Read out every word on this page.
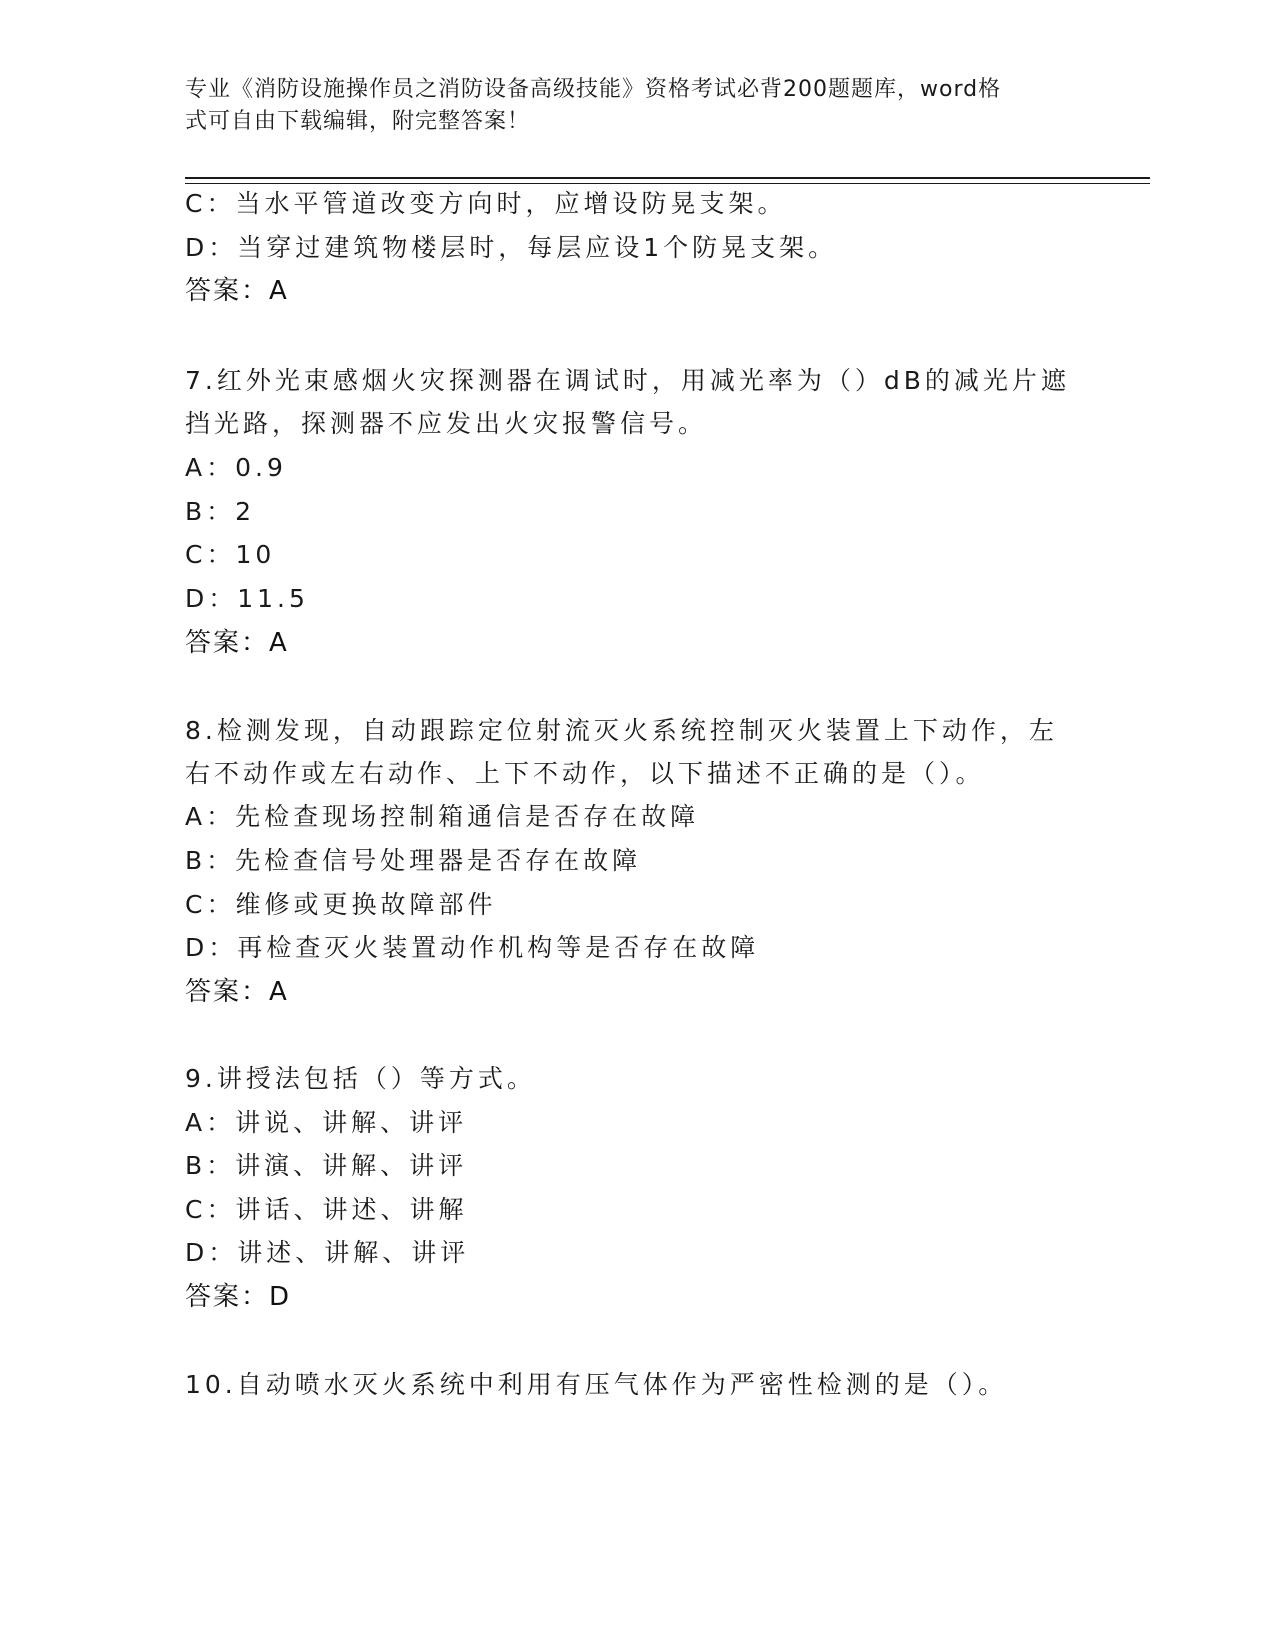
专业《消防设施操作员之消防设备高级技能》资格考试必背200题题库，word格
式可自由下载编辑，附完整答案！
C：当水平管道改变方向时，应增设防晃支架。
D：当穿过建筑物楼层时，每层应设1个防晃支架。
答案：A
7.红外光束感烟火灾探测器在调试时，用减光率为（）dB的减光片遮
挡光路，探测器不应发出火灾报警信号。
A：0.9
B：2
C：10
D：11.5
答案：A
8.检测发现，自动跟踪定位射流灭火系统控制灭火装置上下动作，左
右不动作或左右动作、上下不动作，以下描述不正确的是（）。
A：先检查现场控制箱通信是否存在故障
B：先检查信号处理器是否存在故障
C：维修或更换故障部件
D：再检查灭火装置动作机构等是否存在故障
答案：A
9.讲授法包括（）等方式。
A：讲说、讲解、讲评
B：讲演、讲解、讲评
C：讲话、讲述、讲解
D：讲述、讲解、讲评
答案：D
10.自动喷水灭火系统中利用有压气体作为严密性检测的是（）。
